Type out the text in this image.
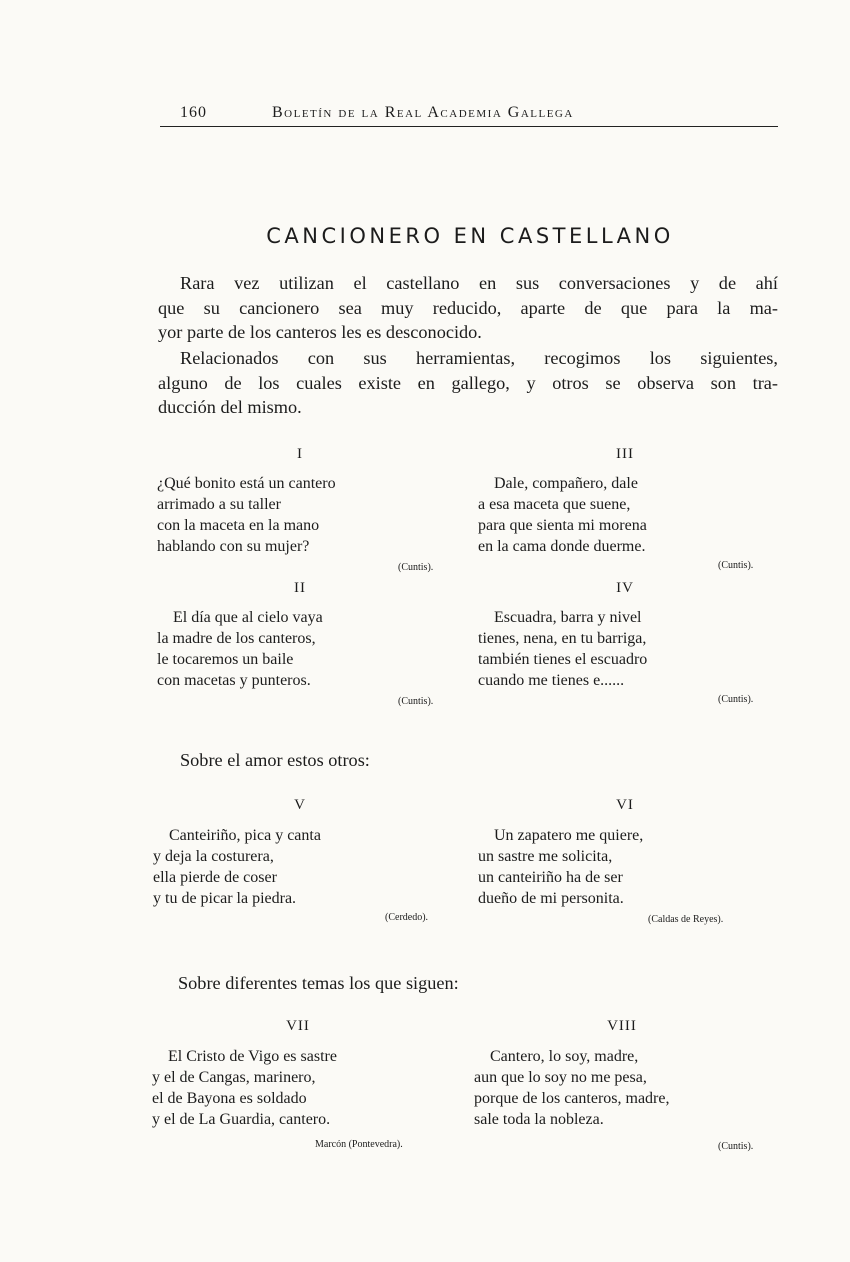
160	Boletín de la Real Academia Gallega
CANCIONERO EN CASTELLANO
Rara vez utilizan el castellano en sus conversaciones y de ahí
que su cancionero sea muy reducido, aparte de que para la ma-
yor parte de los canteros les es desconocido.
Relacionados con sus herramientas, recogimos los siguientes,
alguno de los cuales existe en gallego, y otros se observa son tra-
ducción del mismo.
I
¿Qué bonito está un cantero
arrimado a su taller
con la maceta en la mano
hablando con su mujer?
(Cuntis).
III
Dale, compañero, dale
a esa maceta que suene,
para que sienta mi morena
en la cama donde duerme.
(Cuntis).
II
El día que al cielo vaya
la madre de los canteros,
le tocaremos un baile
con macetas y punteros.
(Cuntis).
IV
Escuadra, barra y nivel
tienes, nena, en tu barriga,
también tienes el escuadro
cuando me tienes e......
(Cuntis).
Sobre el amor estos otros:
V
Canteiriño, pica y canta
y deja la costurera,
ella pierde de coser
y tu de picar la piedra.
(Cerdedo).
VI
Un zapatero me quiere,
un sastre me solicita,
un canteiriño ha de ser
dueño de mi personita.
(Caldas de Reyes).
Sobre diferentes temas los que siguen:
VII
El Cristo de Vigo es sastre
y el de Cangas, marinero,
el de Bayona es soldado
y el de La Guardia, cantero.
Marcón (Pontevedra).
VIII
Cantero, lo soy, madre,
aun que lo soy no me pesa,
porque de los canteros, madre,
sale toda la nobleza.
(Cuntis).
